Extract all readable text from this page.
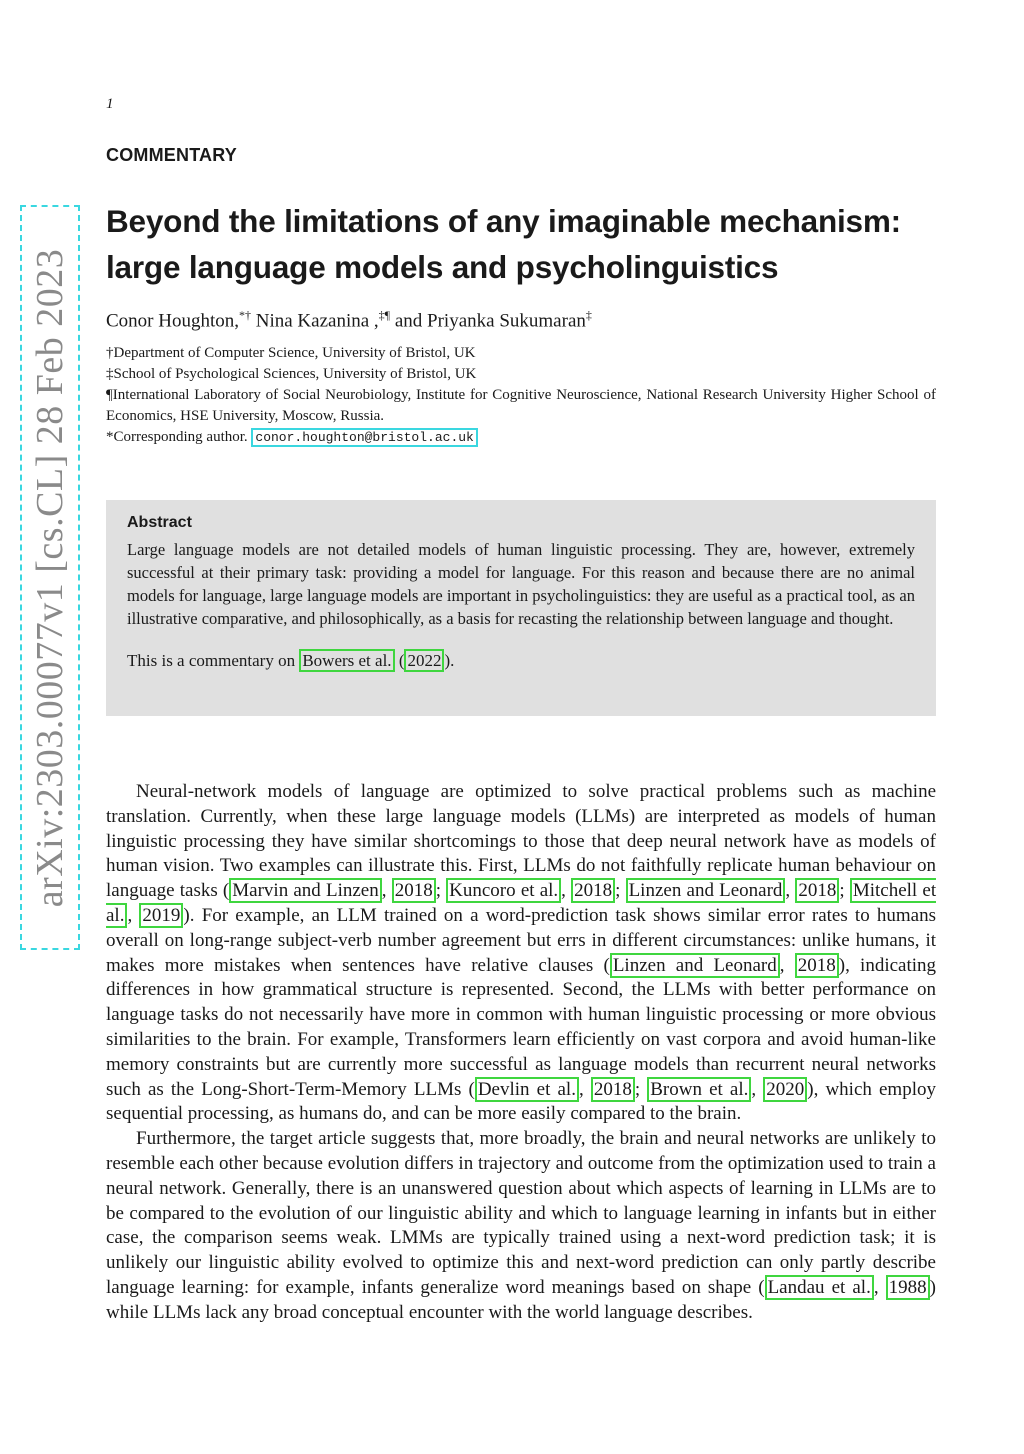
1
arXiv:2303.00077v1 [cs.CL] 28 Feb 2023
COMMENTARY
Beyond the limitations of any imaginable mechanism:
large language models and psycholinguistics
Conor Houghton,*† Nina Kazanina ,‡¶ and Priyanka Sukumaran‡
†Department of Computer Science, University of Bristol, UK
‡School of Psychological Sciences, University of Bristol, UK
¶International Laboratory of Social Neurobiology, Institute for Cognitive Neuroscience, National Research University Higher School of Economics, HSE University, Moscow, Russia.
*Corresponding author. conor.houghton@bristol.ac.uk
Abstract

Large language models are not detailed models of human linguistic processing. They are, however, extremely successful at their primary task: providing a model for language. For this reason and because there are no animal models for language, large language models are important in psycholinguistics: they are useful as a practical tool, as an illustrative comparative, and philosophically, as a basis for recasting the relationship between language and thought.

This is a commentary on Bowers et al. ( 2022 ).

Neural-network models of language are optimized to solve practical problems such as machine translation. Currently, when these large language models (LLMs) are interpreted as models of human linguistic processing they have similar shortcomings to those that deep neural network have as models of human vision. Two examples can illustrate this. First, LLMs do not faithfully replicate human behaviour on language tasks ( Marvin and Linzen , 2018 ; Kuncoro et al. , 2018 ; Linzen and Leonard , 2018 ; Mitchell et al. , 2019 ). For example, an LLM trained on a word-prediction task shows similar error rates to humans overall on long-range subject-verb number agreement but errs in different circumstances: unlike humans, it makes more mistakes when sentences have relative clauses ( Linzen and Leonard , 2018 ), indicating differences in how grammatical structure is represented. Second, the LLMs with better performance on language tasks do not necessarily have more in common with human linguistic processing or more obvious similarities to the brain. For example, Transformers learn efficiently on vast corpora and avoid human-like memory constraints but are currently more successful as language models than recurrent neural networks such as the Long-Short-Term-Memory LLMs ( Devlin et al. , 2018 ; Brown et al. , 2020 ), which employ sequential processing, as humans do, and can be more easily compared to the brain.

Furthermore, the target article suggests that, more broadly, the brain and neural networks are unlikely to resemble each other because evolution differs in trajectory and outcome from the optimization used to train a neural network. Generally, there is an unanswered question about which aspects of learning in LLMs are to be compared to the evolution of our linguistic ability and which to language learning in infants but in either case, the comparison seems weak. LMMs are typically trained using a next-word prediction task; it is unlikely our linguistic ability evolved to optimize this and next-word prediction can only partly describe language learning: for example, infants generalize word meanings based on shape ( Landau et al. , 1988 ) while LLMs lack any broad conceptual encounter with the world language describes.
